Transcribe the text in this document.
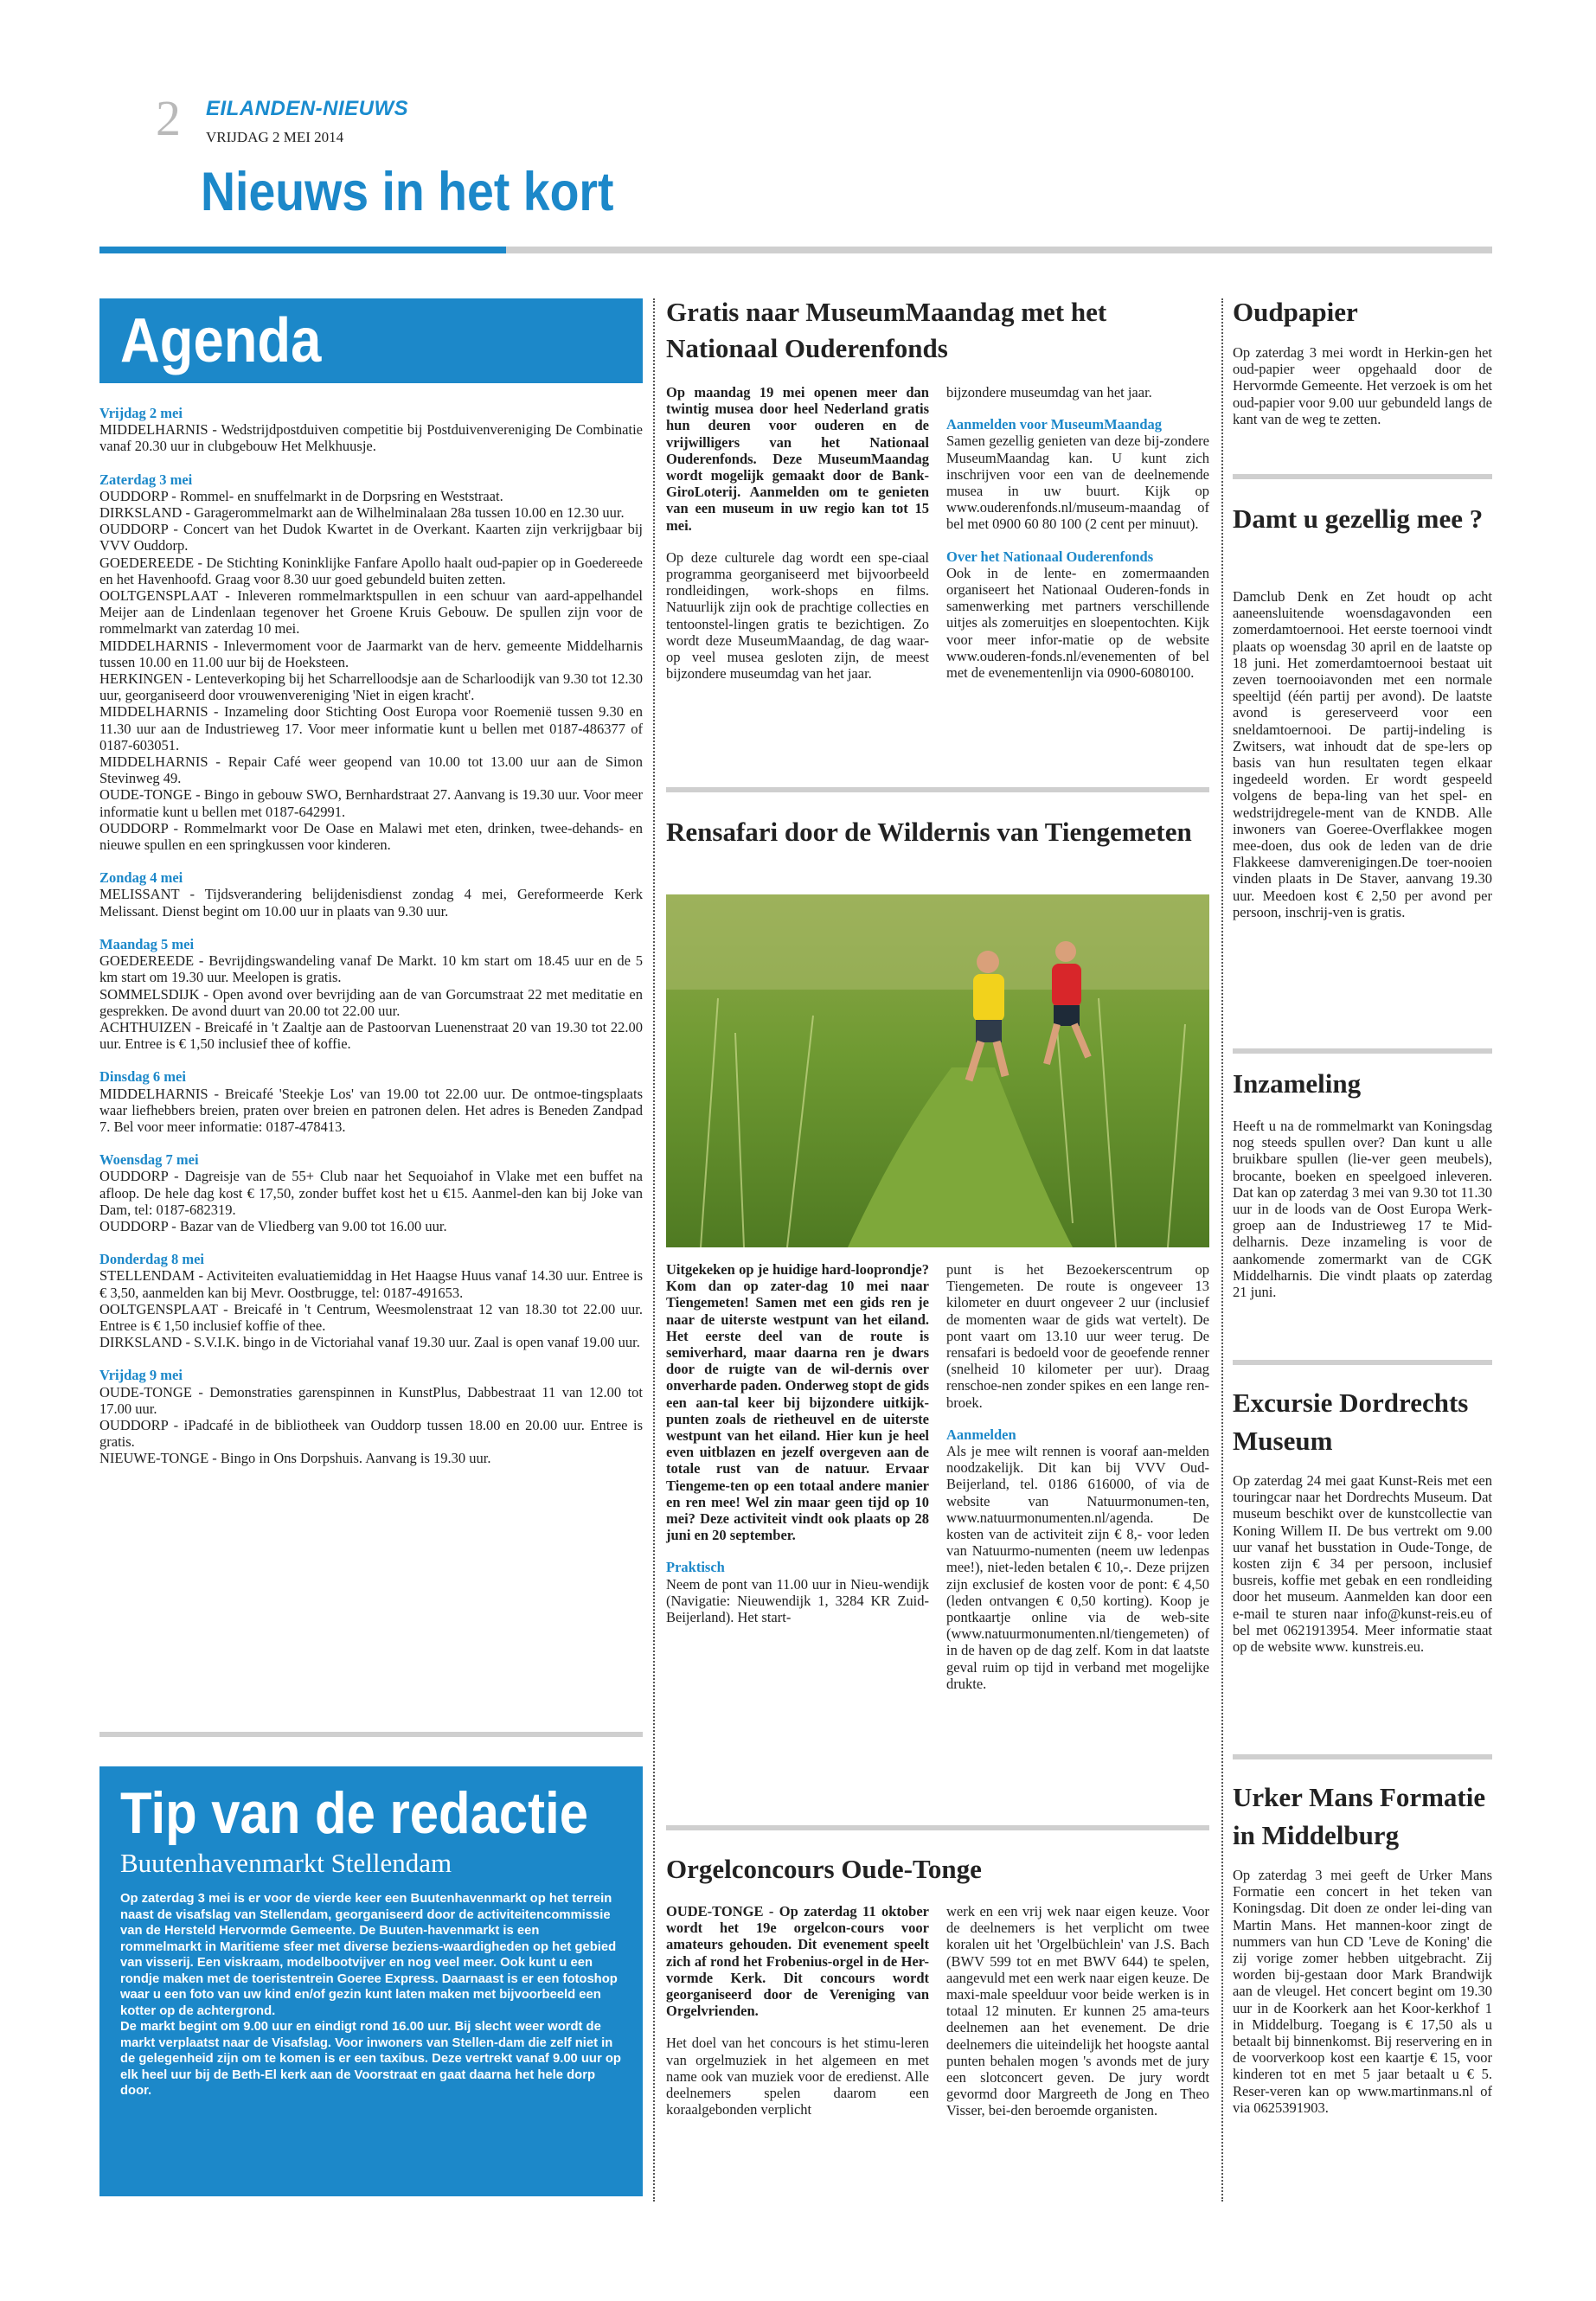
2 EILANDEN-NIEUWS
VRIJDAG 2 MEI 2014
Nieuws in het kort
Agenda

Vrijdag 2 mei

MIDDELHARNIS - Wedstrijdpostduiven competitie bij Postduivenvereniging De Combinatie vanaf 20.30 uur in clubgebouw Het Melkhuusje.

Zaterdag 3 mei

OUDDORP - Rommel- en snuffelmarkt in de Dorpsring en Weststraat.

DIRKSLAND - Garagerommelmarkt aan de Wilhelminalaan 28a tussen 10.00 en 12.30 uur.

OUDDORP - Concert van het Dudok Kwartet in de Overkant. Kaarten zijn verkrijgbaar bij VVV Ouddorp.

GOEDEREEDE - De Stichting Koninklijke Fanfare Apollo haalt oud-papier op in Goedereede en het Havenhoofd. Graag voor 8.30 uur goed gebundeld buiten zetten.

OOLTGENSPLAAT - Inleveren rommelmarktspullen in een schuur van aard-appelhandel Meijer aan de Lindenlaan tegenover het Groene Kruis Gebouw. De spullen zijn voor de rommelmarkt van zaterdag 10 mei.

MIDDELHARNIS - Inlevermoment voor de Jaarmarkt van de herv. gemeente Middelharnis tussen 10.00 en 11.00 uur bij de Hoeksteen.

HERKINGEN - Lenteverkoping bij het Scharrelloodsje aan de Scharloodijk van 9.30 tot 12.30 uur, georganiseerd door vrouwenvereniging 'Niet in eigen kracht'.

MIDDELHARNIS - Inzameling door Stichting Oost Europa voor Roemenië tussen 9.30 en 11.30 uur aan de Industrieweg 17. Voor meer informatie kunt u bellen met 0187-486377 of 0187-603051.

MIDDELHARNIS - Repair Café weer geopend van 10.00 tot 13.00 uur aan de Simon Stevinweg 49.

OUDE-TONGE - Bingo in gebouw SWO, Bernhardstraat 27. Aanvang is 19.30 uur. Voor meer informatie kunt u bellen met 0187-642991.

OUDDORP - Rommelmarkt voor De Oase en Malawi met eten, drinken, twee-dehands- en nieuwe spullen en een springkussen voor kinderen.

Zondag 4 mei

MELISSANT - Tijdsverandering belijdenisdienst zondag 4 mei, Gereformeerde Kerk Melissant. Dienst begint om 10.00 uur in plaats van 9.30 uur.

Maandag 5 mei

GOEDEREEDE - Bevrijdingswandeling vanaf De Markt. 10 km start om 18.45 uur en de 5 km start om 19.30 uur. Meelopen is gratis.

SOMMELSDIJK - Open avond over bevrijding aan de van Gorcumstraat 22 met meditatie en gesprekken. De avond duurt van 20.00 tot 22.00 uur.

ACHTHUIZEN - Breicafé in 't Zaaltje aan de Pastoorvan Luenenstraat 20 van 19.30 tot 22.00 uur. Entree is € 1,50 inclusief thee of koffie.

Dinsdag 6 mei

MIDDELHARNIS - Breicafé 'Steekje Los' van 19.00 tot 22.00 uur. De ontmoe-tingsplaats waar liefhebbers breien, praten over breien en patronen delen. Het adres is Beneden Zandpad 7. Bel voor meer informatie: 0187-478413.

Woensdag 7 mei

OUDDORP - Dagreisje van de 55+ Club naar het Sequoiahof in Vlake met een buffet na afloop. De hele dag kost € 17,50, zonder buffet kost het u €15. Aanmel-den kan bij Joke van Dam, tel: 0187-682319.

OUDDORP - Bazar van de Vliedberg van 9.00 tot 16.00 uur.

Donderdag 8 mei

STELLENDAM - Activiteiten evaluatiemiddag in Het Haagse Huus vanaf 14.30 uur. Entree is € 3,50, aanmelden kan bij Mevr. Oostbrugge, tel: 0187-491653.

OOLTGENSPLAAT - Breicafé in 't Centrum, Weesmolenstraat 12 van 18.30 tot 22.00 uur. Entree is € 1,50 inclusief koffie of thee.

DIRKSLAND - S.V.I.K. bingo in de Victoriahal vanaf 19.30 uur. Zaal is open vanaf 19.00 uur.

Vrijdag 9 mei

OUDE-TONGE - Demonstraties garenspinnen in KunstPlus, Dabbestraat 11 van 12.00 tot 17.00 uur.

OUDDORP - iPadcafé in de bibliotheek van Ouddorp tussen 18.00 en 20.00 uur. Entree is gratis.

NIEUWE-TONGE - Bingo in Ons Dorpshuis. Aanvang is 19.30 uur.

Tip van de redactie
Buutenhavenmarkt Stellendam

Op zaterdag 3 mei is er voor de vierde keer een Buutenhavenmarkt op het terrein naast de visafslag van Stellendam, georganiseerd door de activiteitencommissie van de Hersteld Hervormde Gemeente. De Buuten-havenmarkt is een rommelmarkt in Maritieme sfeer met diverse beziens-waardigheden op het gebied van visserij. Een viskraam, modelbootvijver en nog veel meer. Ook kunt u een rondje maken met de toeristentrein Goeree Express. Daarnaast is er een fotoshop waar u een foto van uw kind en/of gezin kunt laten maken met bijvoorbeeld een kotter op de achtergrond.

De markt begint om 9.00 uur en eindigt rond 16.00 uur. Bij slecht weer wordt de markt verplaatst naar de Visafslag. Voor inwoners van Stellen-dam die zelf niet in de gelegenheid zijn om te komen is er een taxibus. Deze vertrekt vanaf 9.00 uur op elk heel uur bij de Beth-El kerk aan de Voorstraat en gaat daarna het hele dorp door.

Gratis naar MuseumMaandag met het Nationaal Ouderenfonds

Op maandag 19 mei openen meer dan twintig musea door heel Nederland gratis hun deuren voor ouderen en de vrijwilligers van het Nationaal Ouderenfonds. Deze MuseumMaandag wordt mogelijk gemaakt door de Bank-GiroLoterij. Aanmelden om te genieten van een museum in uw regio kan tot 15 mei.

Op deze culturele dag wordt een spe-ciaal programma georganiseerd met bijvoorbeeld rondleidingen, work-shops en films. Natuurlijk zijn ook de prachtige collecties en tentoonstel-lingen gratis te bezichtigen. Zo wordt deze MuseumMaandag, de dag waar-op veel musea gesloten zijn, de meest bijzondere museumdag van het jaar.

bijzondere museumdag van het jaar.

Aanmelden voor MuseumMaandag

Samen gezellig genieten van deze bij-zondere MuseumMaandag kan. U kunt zich inschrijven voor een van de deelnemende musea in uw buurt. Kijk op www.ouderenfonds.nl/museum-maandag of bel met 0900 60 80 100 (2 cent per minuut).

Over het Nationaal Ouderenfonds

Ook in de lente- en zomermaanden organiseert het Nationaal Ouderen-fonds in samenwerking met partners verschillende uitjes als zomeruitjes en sloepentochten. Kijk voor meer infor-matie op de website www.ouderen-fonds.nl/evenementen of bel met de evenementenlijn via 0900-6080100.

Rensafari door de Wildernis van Tiengemeten

Uitgekeken op je huidige hard-looprondje? Kom dan op zater-dag 10 mei naar Tiengemeten! Samen met een gids ren je naar de uiterste westpunt van het eiland. Het eerste deel van de route is semiverhard, maar daarna ren je dwars door de ruigte van de wil-dernis over onverharde paden. Onderweg stopt de gids een aan-tal keer bij bijzondere uitkijk-punten zoals de rietheuvel en de uiterste westpunt van het eiland. Hier kun je heel even uitblazen en jezelf overgeven aan de totale rust van de natuur. Ervaar Tiengeme-ten op een totaal andere manier en ren mee! Wel zin maar geen tijd op 10 mei? Deze activiteit vindt ook plaats op 28 juni en 20 september.

Praktisch

Neem de pont van 11.00 uur in Nieu-wendijk (Navigatie: Nieuwendijk 1, 3284 KR Zuid-Beijerland). Het start-

punt is het Bezoekerscentrum op Tiengemeten. De route is ongeveer 13 kilometer en duurt ongeveer 2 uur (inclusief de momenten waar de gids wat vertelt). De pont vaart om 13.10 uur weer terug. De rensafari is bedoeld voor de geoefende renner (snelheid 10 kilometer per uur). Draag renschoe-nen zonder spikes en een lange ren-broek.

Aanmelden

Als je mee wilt rennen is vooraf aan-melden noodzakelijk. Dit kan bij VVV Oud-Beijerland, tel. 0186 616000, of via de website van Natuurmonumen-ten, www.natuurmonumenten.nl/agenda. De kosten van de activiteit zijn € 8,- voor leden van Natuurmo-numenten (neem uw ledenpas mee!), niet-leden betalen € 10,-. Deze prijzen zijn exclusief de kosten voor de pont: € 4,50 (leden ontvangen € 0,50 korting). Koop je pontkaartje online via de web-site (www.natuurmonumenten.nl/tiengemeten) of in de haven op de dag zelf. Kom in dat laatste geval ruim op tijd in verband met mogelijke drukte.

Orgelconcours Oude-Tonge

OUDE-TONGE - Op zaterdag 11 oktober wordt het 19e orgelcon-cours voor amateurs gehouden. Dit evenement speelt zich af rond het Frobenius-orgel in de Her-vormde Kerk. Dit concours wordt georganiseerd door de Vereniging van Orgelvrienden.

Het doel van het concours is het stimu-leren van orgelmuziek in het algemeen en met name ook van muziek voor de eredienst. Alle deelnemers spelen daarom een koraalgebonden verplicht

werk en een vrij wek naar eigen keuze. Voor de deelnemers is het verplicht om twee koralen uit het 'Orgelbüchlein' van J.S. Bach (BWV 599 tot en met BWV 644) te spelen, aangevuld met een werk naar eigen keuze. De maxi-male speelduur voor beide werken is in totaal 12 minuten. Er kunnen 25 ama-teurs deelnemen aan het evenement. De drie deelnemers die uiteindelijk het hoogste aantal punten behalen mogen 's avonds met de jury een slotconcert geven. De jury wordt gevormd door Margreeth de Jong en Theo Visser, bei-den beroemde organisten.

Oudpapier
Op zaterdag 3 mei wordt in Herkin-gen het oud-papier weer opgehaald door de Hervormde Gemeente. Het verzoek is om het oud-papier voor 9.00 uur gebundeld langs de kant van de weg te zetten.
Damt u gezellig mee ?
Damclub Denk en Zet houdt op acht aaneensluitende woensdagavonden een zomerdamtoernooi. Het eerste toernooi vindt plaats op woensdag 30 april en de laatste op 18 juni. Het zomerdamtoernooi bestaat uit zeven toernooiavonden met een normale speeltijd (één partij per avond). De laatste avond is gereserveerd voor een sneldamtoernooi. De partij-indeling is Zwitsers, wat inhoudt dat de spe-lers op basis van hun resultaten tegen elkaar ingedeeld worden. Er wordt gespeeld volgens de bepa-ling van het spel- en wedstrijdregele-ment van de KNDB. Alle inwoners van Goeree-Overflakkee mogen mee-doen, dus ook de leden van de drie Flakkeese damverenigingen.De toer-nooien vinden plaats in De Staver, aanvang 19.30 uur. Meedoen kost € 2,50 per avond per persoon, inschrij-ven is gratis.
Inzameling
Heeft u na de rommelmarkt van Koningsdag nog steeds spullen over? Dan kunt u alle bruikbare spullen (lie-ver geen meubels), brocante, boeken en speelgoed inleveren. Dat kan op zaterdag 3 mei van 9.30 tot 11.30 uur in de loods van de Oost Europa Werk-groep aan de Industrieweg 17 te Mid-delharnis. Deze inzameling is voor de aankomende zomermarkt van de CGK Middelharnis. Die vindt plaats op zaterdag 21 juni.
Excursie Dordrechts Museum
Op zaterdag 24 mei gaat Kunst-Reis met een touringcar naar het Dordrechts Museum. Dat museum beschikt over de kunstcollectie van Koning Willem II. De bus vertrekt om 9.00 uur vanaf het busstation in Oude-Tonge, de kosten zijn € 34 per persoon, inclusief busreis, koffie met gebak en een rondleiding door het museum. Aanmelden kan door een e-mail te sturen naar info@kunst-reis.eu of bel met 0621913954. Meer informatie staat op de website www. kunstreis.eu.
Urker Mans Formatie in Middelburg
Op zaterdag 3 mei geeft de Urker Mans Formatie een concert in het teken van Koningsdag. Dit doen ze onder lei-ding van Martin Mans. Het mannen-koor zingt de nummers van hun CD 'Leve de Koning' die zij vorige zomer hebben uitgebracht. Zij worden bij-gestaan door Mark Brandwijk aan de vleugel. Het concert begint om 19.30 uur in de Koorkerk aan het Koor-kerkhof 1 in Middelburg. Toegang is € 17,50 als u betaalt bij binnenkomst. Bij reservering en in de voorverkoop kost een kaartje € 15, voor kinderen tot en met 5 jaar betaalt u € 5. Reser-veren kan op www.martinmans.nl of via 0625391903.
